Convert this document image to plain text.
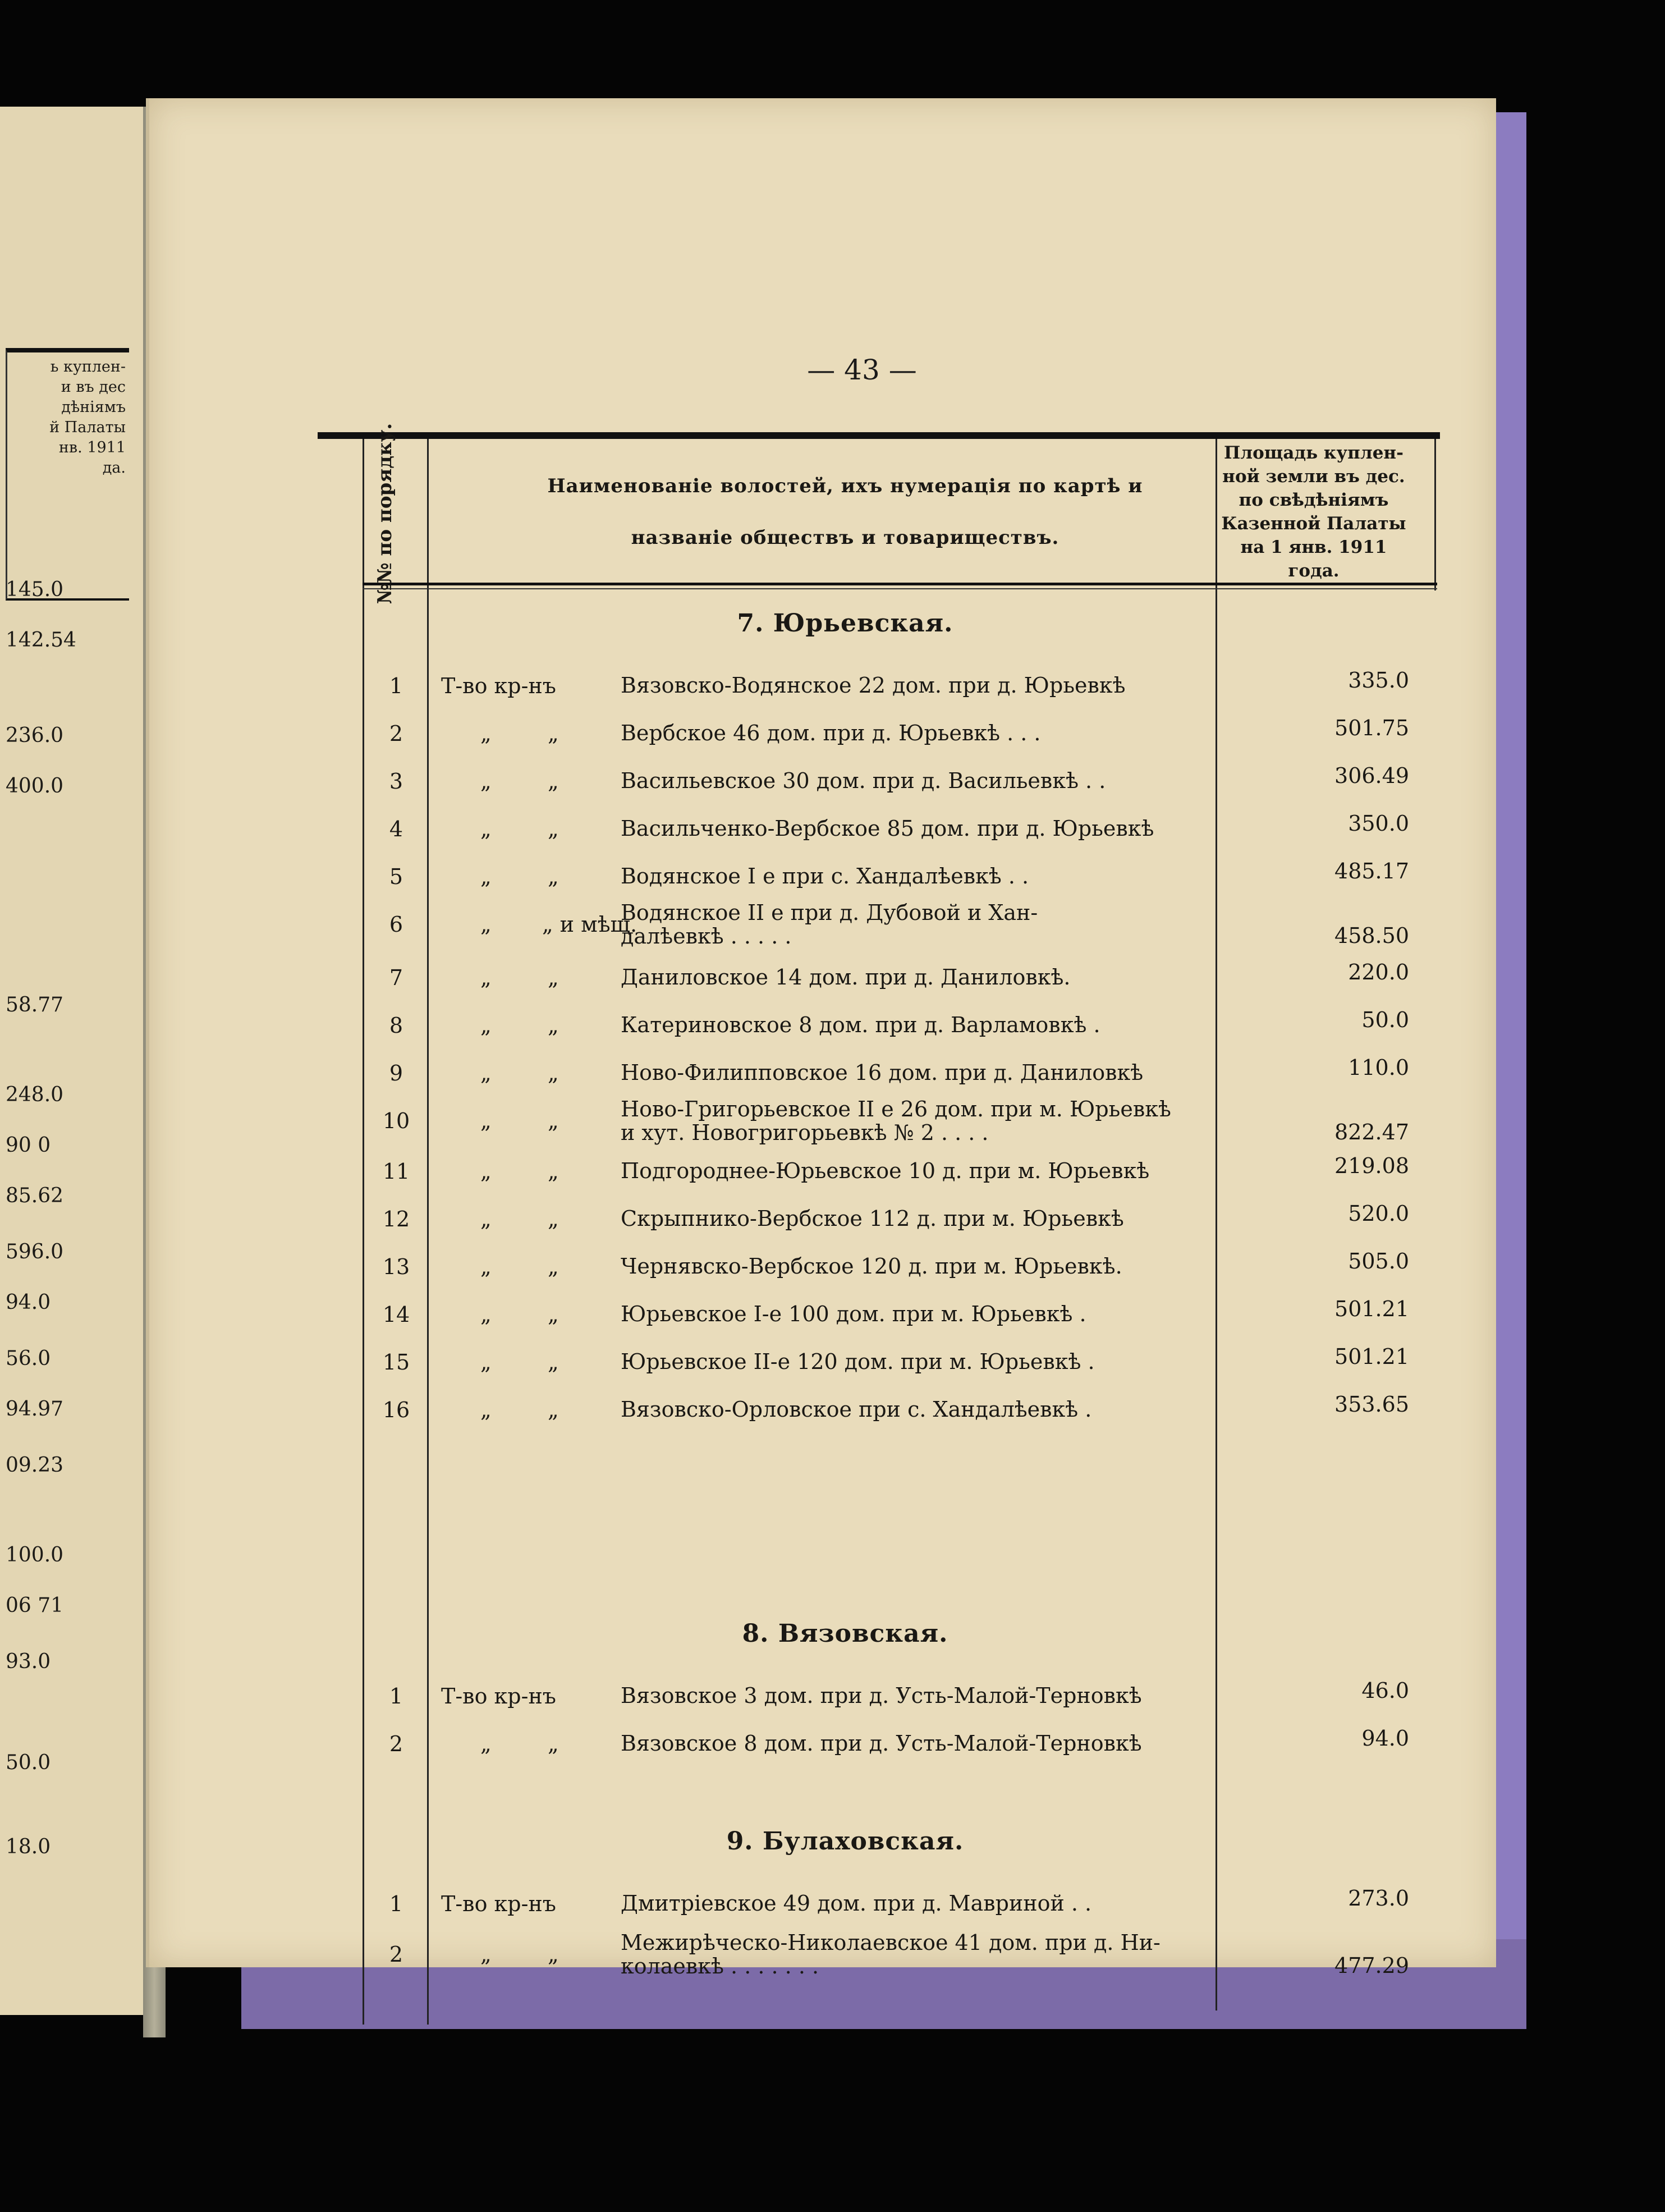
ь куплен-
и въ дес
дѣніямъ
й Палаты
нв. 1911
да.
145.0
142.54
236.0
400.0
58.77
248.0
90 0
85.62
596.0
94.0
56.0
94.97
09.23
100.0
06 71
93.0
50.0
18.0
— 43 —
№№ по порядку.	Наименованіе волостей, ихъ нумерація по картѣ и
названіе обществъ и товариществъ.
Площадь куплен-
ной земли въ дес.
по свѣдѣніямъ
Казенной Палаты
на 1 янв. 1911
года.
7. Юрьевская.
1	Т-во кр-нъ	Вязовско-Водянское 22 дом. при д. Юрьевкѣ	335.0
2	„	„	Вербское 46 дом. при д. Юрьевкѣ . . .	501.75
3	„	„	Васильевское 30 дом. при д. Васильевкѣ . .	306.49
4	„	„	Васильченко-Вербское 85 дом. при д. Юрьевкѣ	350.0
5	„	„	Водянское I е при с. Хандалѣевкѣ . .	485.17
6	„ „ и мѣщ.
Водянское II е при д. Дубовой и Хан-
далѣевкѣ . . . . .	458.50
7	„	„	Даниловское 14 дом. при д. Даниловкѣ.	220.0
8	„	„	Катериновское 8 дом. при д. Варламовкѣ .	50.0
9	„	„	Ново-Филипповское 16 дом. при д. Даниловкѣ	110.0
10	„	„	Ново-Григорьевское II е 26 дом. при м. Юрьевкѣ
и хут. Новогригорьевкѣ № 2 . . . .	822.47
11	„	„	Подгороднее-Юрьевское 10 д. при м. Юрьевкѣ	219.08
12	„	„	Скрыпнико-Вербское 112 д. при м. Юрьевкѣ	520.0
13	„	„	Чернявско-Вербское 120 д. при м. Юрьевкѣ.	505.0
14	„	„	Юрьевское I-е 100 дом. при м. Юрьевкѣ .	501.21
15	„	„	Юрьевское II-е 120 дом. при м. Юрьевкѣ .	501.21
16	„	„	Вязовско-Орловское при с. Хандалѣевкѣ .	353.65
8. Вязовская.
1	Т-во кр-нъ	Вязовское 3 дом. при д. Усть-Малой-Терновкѣ	46.0
2	„	„	Вязовское 8 дом. при д. Усть-Малой-Терновкѣ	94.0
9. Булаховская.
1	Т-во кр-нъ	Дмитріевское 49 дом. при д. Мавриной . .	273.0
2	„	„	Межирѣческо-Николаевское 41 дом. при д. Ни-
колаевкѣ . . . . . . .	477.29
